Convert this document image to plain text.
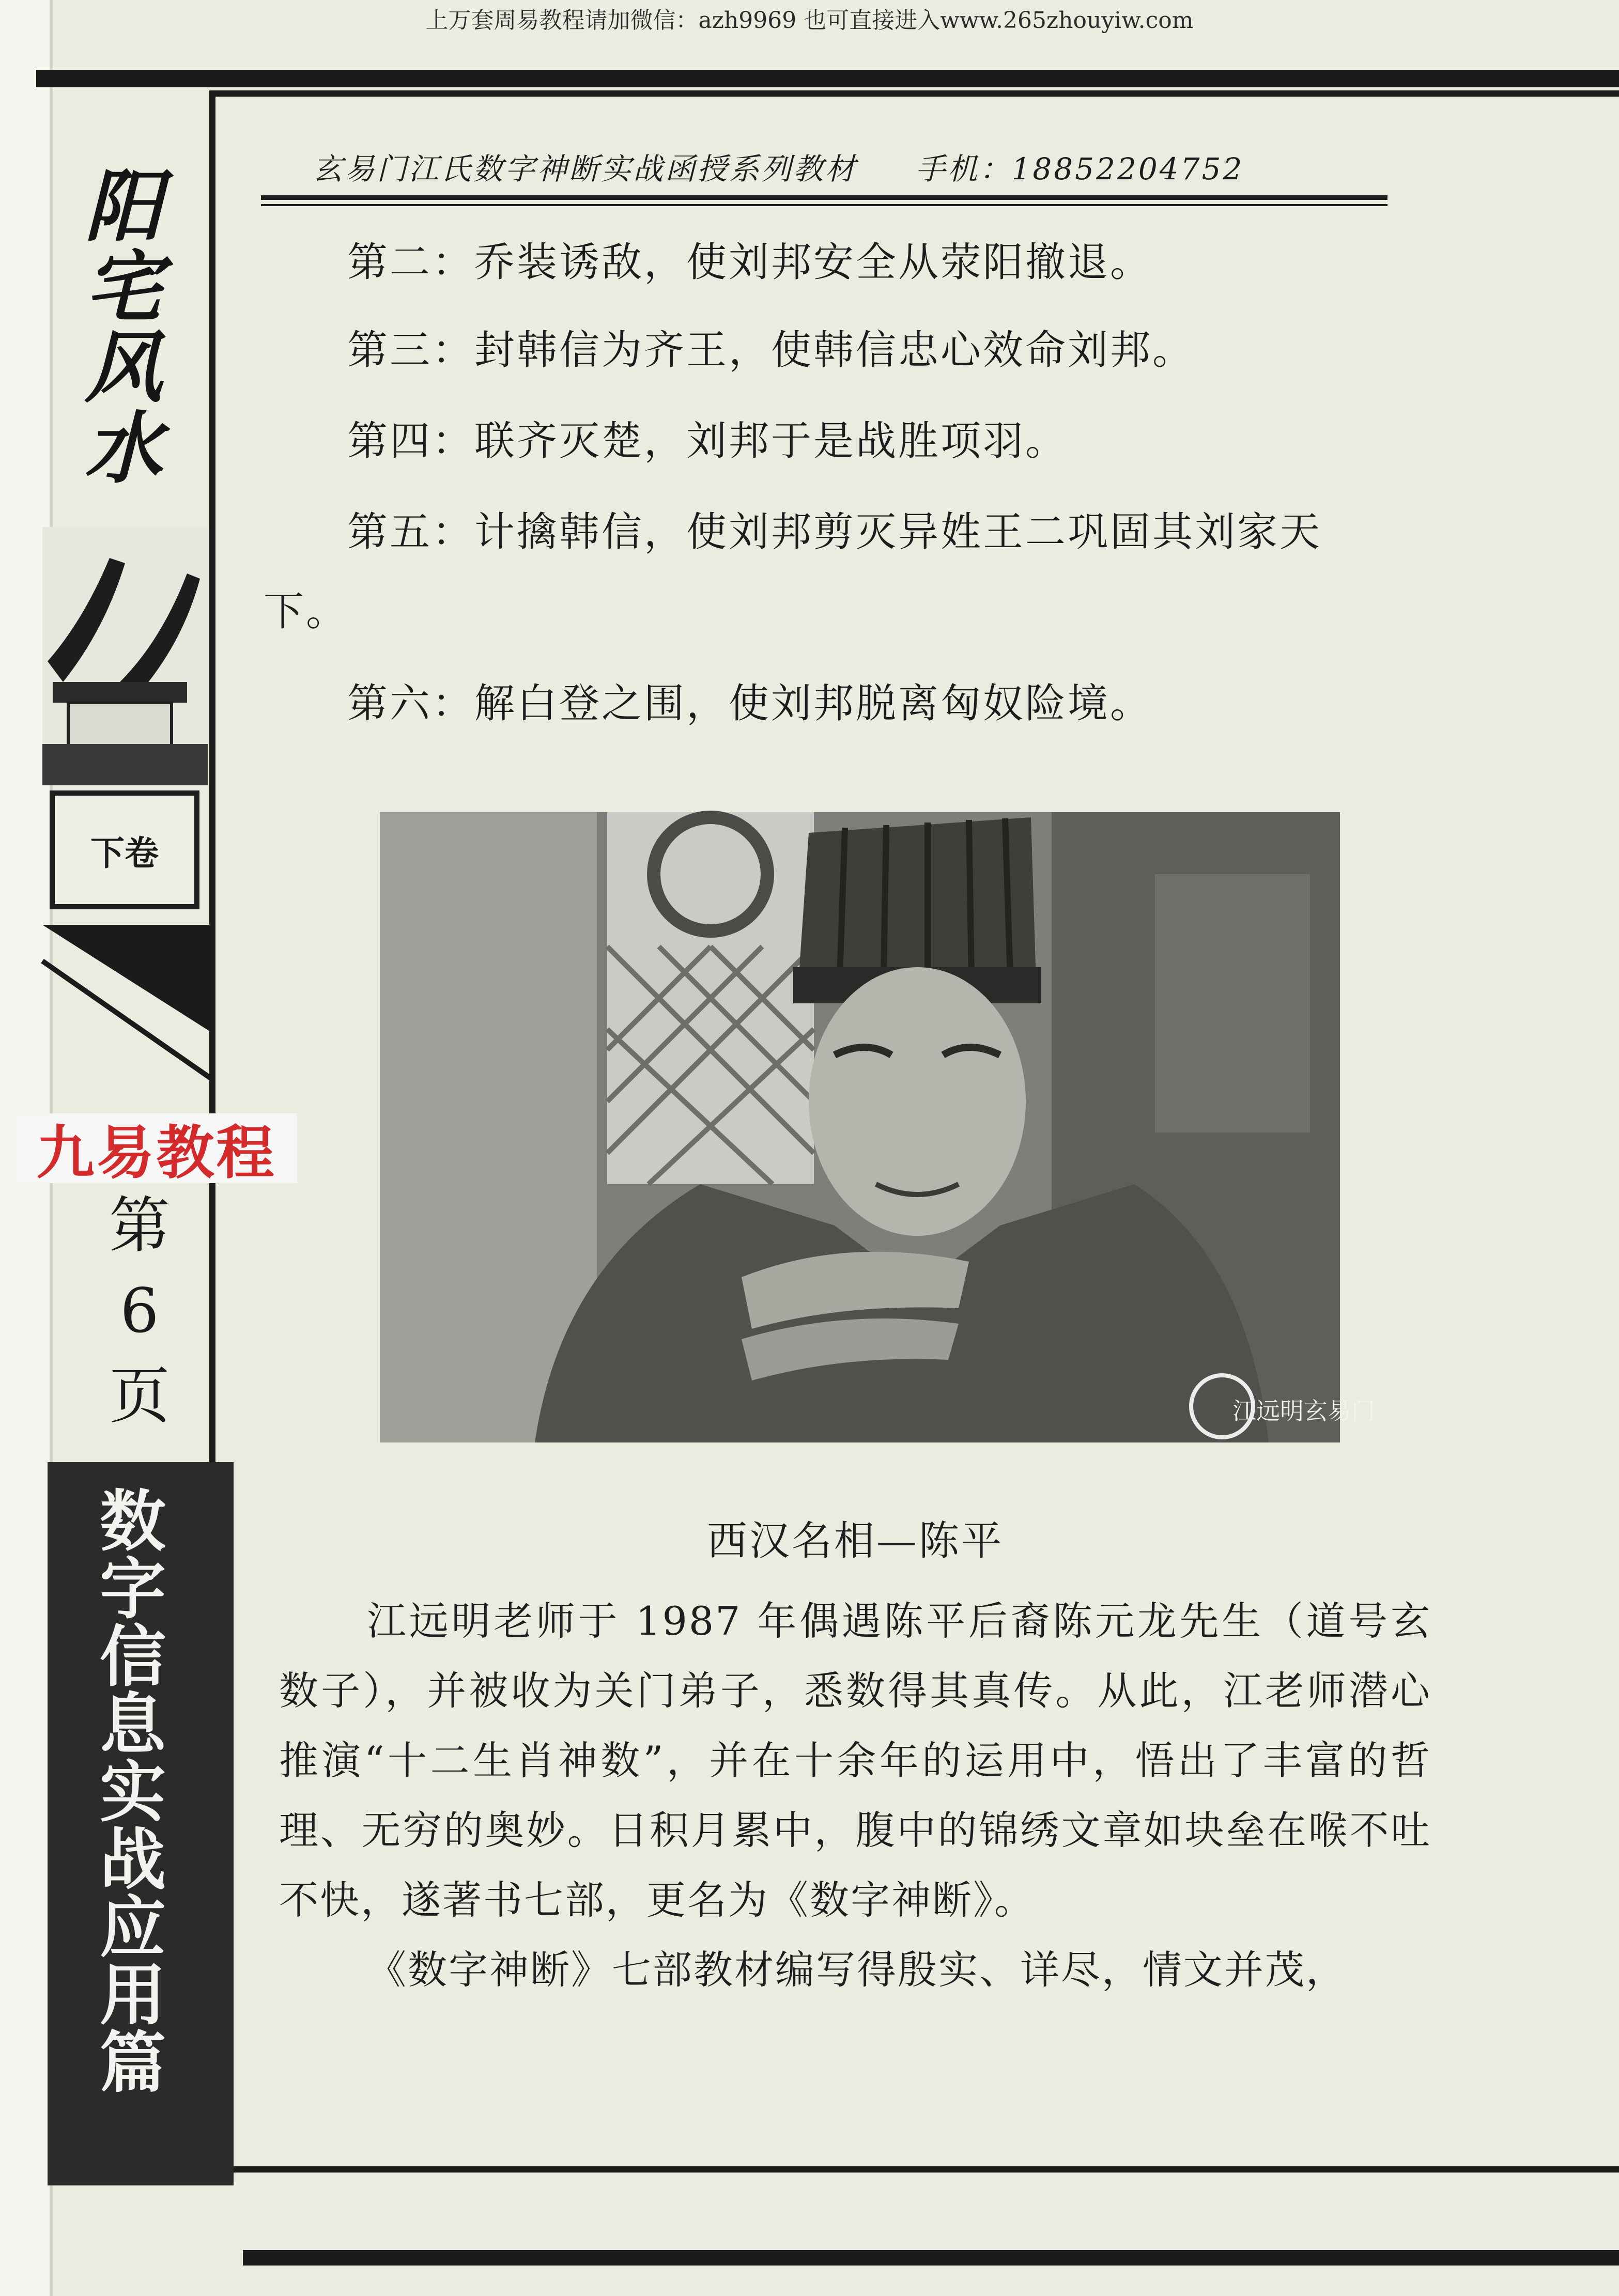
上万套周易教程请加微信：azh9969 也可直接进入www.265zhouyiw.com
阳宅风水
下卷
九易教程
第
6
页
数
字
信
息
实
战
应
用
篇
玄易门江氏数字神断实战函授系列教材 手机：18852204752
第二：乔装诱敌，使刘邦安全从荥阳撤退。
第三：封韩信为齐王，使韩信忠心效命刘邦。
第四：联齐灭楚，刘邦于是战胜项羽。
第五：计擒韩信，使刘邦剪灭异姓王二巩固其刘家天
下。
第六：解白登之围，使刘邦脱离匈奴险境。
江远明玄易门
西汉名相—陈平

江远明老师于 1987 年偶遇陈平后裔陈元龙先生（道号玄数子），并被收为关门弟子，悉数得其真传。从此，江老师潜心推演“十二生肖神数”，并在十余年的运用中，悟出了丰富的哲理、无穷的奥妙。日积月累中，腹中的锦绣文章如块垒在喉不吐不快，遂著书七部，更名为《数字神断》。

《数字神断》七部教材编写得殷实、详尽，情文并茂，
